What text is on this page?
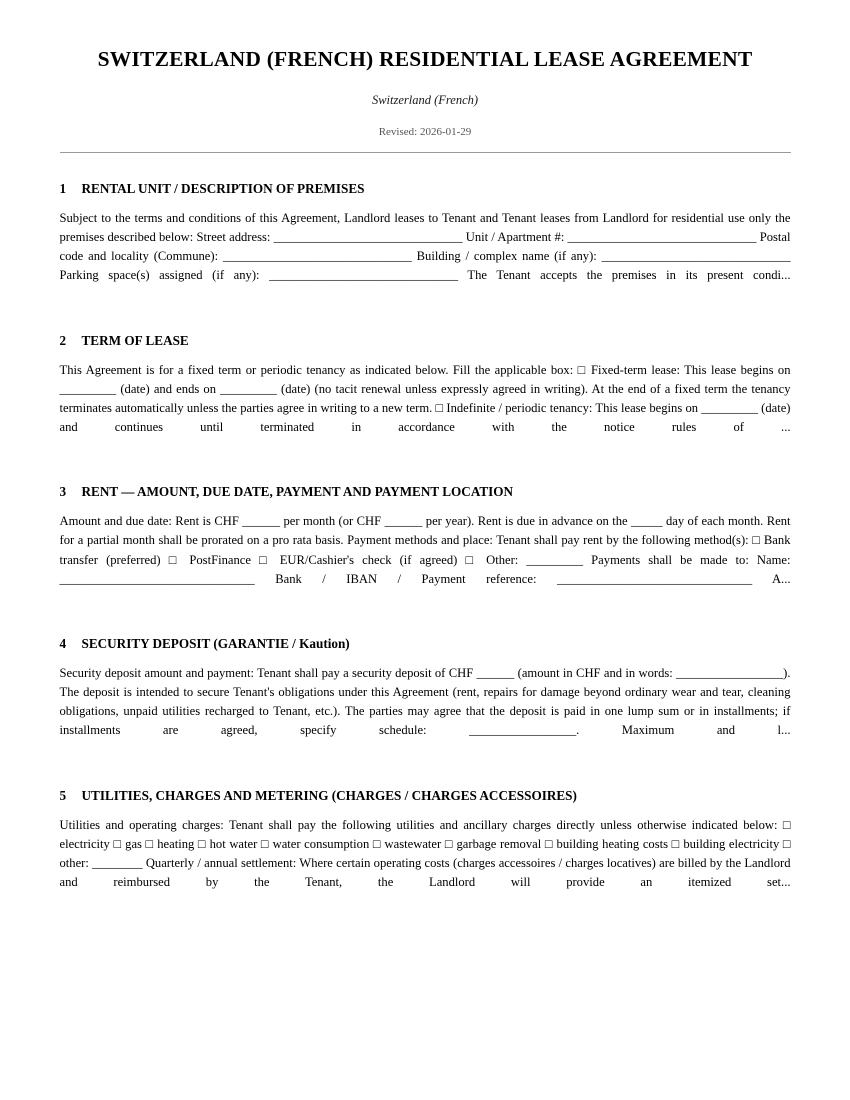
SWITZERLAND (FRENCH) RESIDENTIAL LEASE AGREEMENT
Switzerland (French)
Revised: 2026-01-29
1	RENTAL UNIT / DESCRIPTION OF PREMISES

Subject to the terms and conditions of this Agreement, Landlord leases to Tenant and Tenant leases from Landlord for residential use only the premises described below: Street address: ______________________________ Unit / Apartment #: ______________________________ Postal code and locality (Commune): ______________________________ Building / complex name (if any): ______________________________ Parking space(s) assigned (if any): ______________________________ The Tenant accepts the premises in its present condi...

2	TERM OF LEASE

This Agreement is for a fixed term or periodic tenancy as indicated below. Fill the applicable box: □ Fixed-term lease: This lease begins on _________ (date) and ends on _________ (date) (no tacit renewal unless expressly agreed in writing). At the end of a fixed term the tenancy terminates automatically unless the parties agree in writing to a new term. □ Indefinite / periodic tenancy: This lease begins on _________ (date) and continues until terminated in accordance with the notice rules of ...

3	RENT — AMOUNT, DUE DATE, PAYMENT AND PAYMENT LOCATION

Amount and due date: Rent is CHF ______ per month (or CHF ______ per year). Rent is due in advance on the _____ day of each month. Rent for a partial month shall be prorated on a pro rata basis. Payment methods and place: Tenant shall pay rent by the following method(s): □ Bank transfer (preferred) □ PostFinance □ EUR/Cashier's check (if agreed) □ Other: _________ Payments shall be made to: Name: _______________________________ Bank / IBAN / Payment reference: _______________________________ A...

4	SECURITY DEPOSIT (GARANTIE / Kaution)

Security deposit amount and payment: Tenant shall pay a security deposit of CHF ______ (amount in CHF and in words: _________________). The deposit is intended to secure Tenant's obligations under this Agreement (rent, repairs for damage beyond ordinary wear and tear, cleaning obligations, unpaid utilities recharged to Tenant, etc.). The parties may agree that the deposit is paid in one lump sum or in installments; if installments are agreed, specify schedule: _________________. Maximum and l...

5	UTILITIES, CHARGES AND METERING (CHARGES / CHARGES ACCESSOIRES)

Utilities and operating charges: Tenant shall pay the following utilities and ancillary charges directly unless otherwise indicated below: □ electricity □ gas □ heating □ hot water □ water consumption □ wastewater □ garbage removal □ building heating costs □ building electricity □ other: ________ Quarterly / annual settlement: Where certain operating costs (charges accessoires / charges locatives) are billed by the Landlord and reimbursed by the Tenant, the Landlord will provide an itemized set...
